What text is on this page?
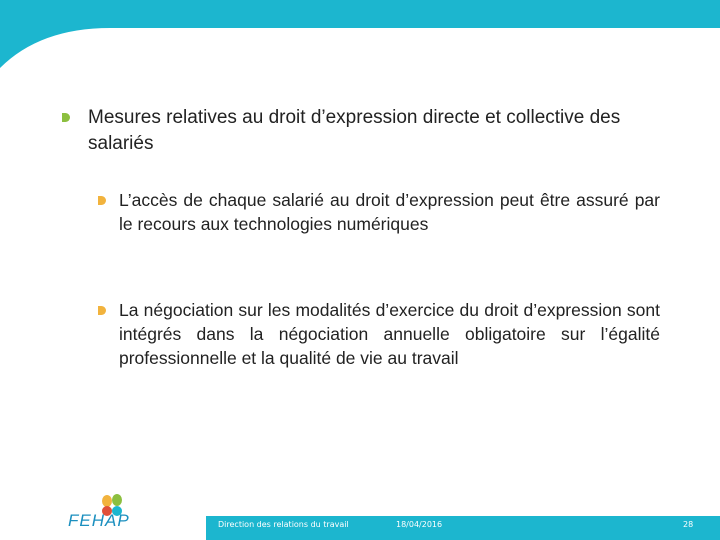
Mesures relatives au droit d’expression directe et collective des salariés
L’accès de chaque salarié au droit d’expression peut être assuré par le recours aux technologies numériques
La négociation sur les modalités d’exercice du droit d’expression sont intégrés dans la négociation annuelle obligatoire sur l’égalité professionnelle et la qualité de vie au travail
FEHAP	Direction des relations du travail	18/04/2016	28
